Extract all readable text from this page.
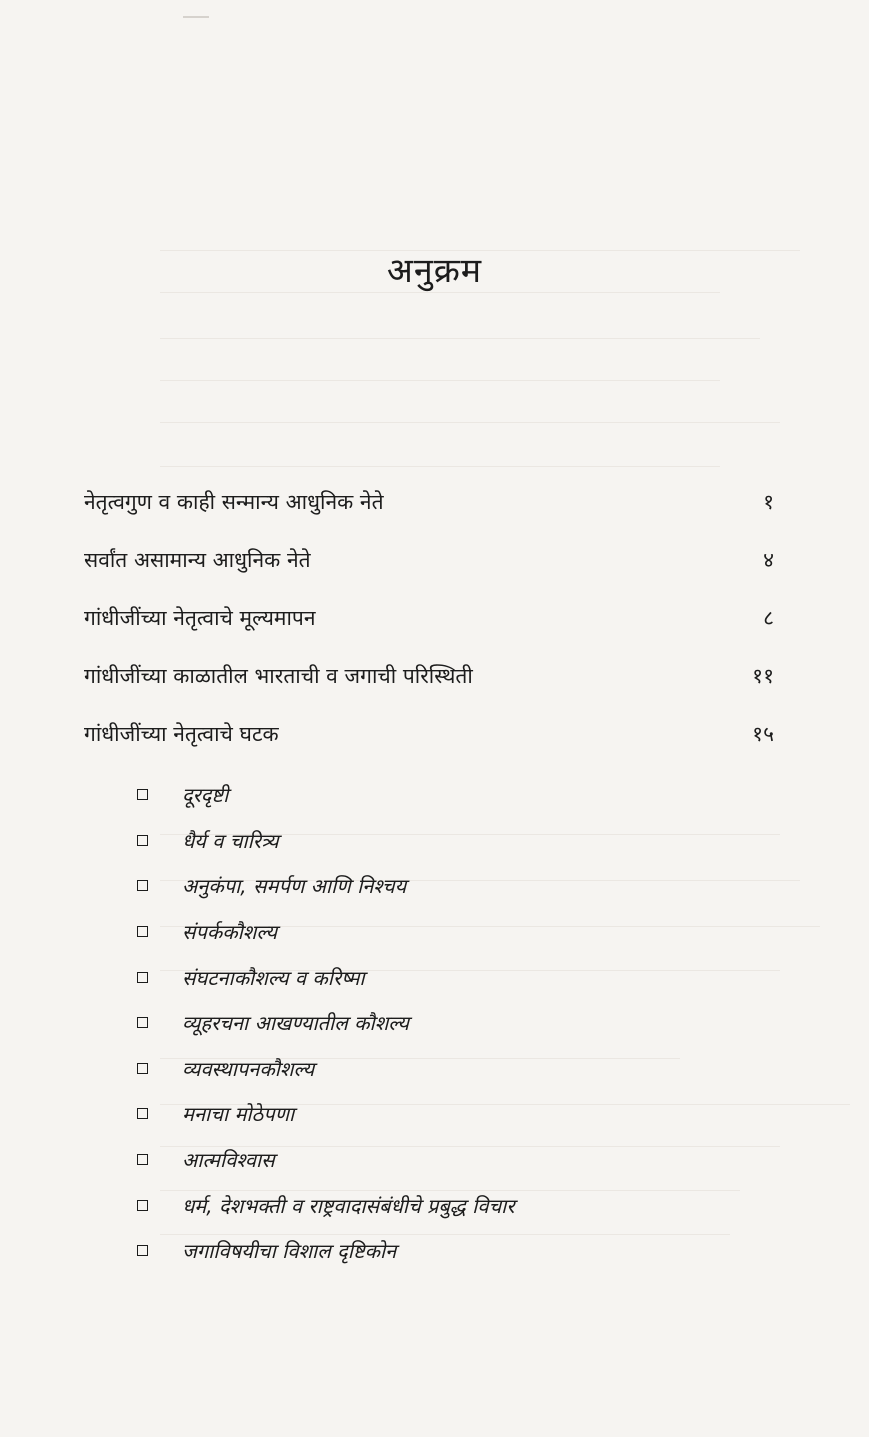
अनुक्रम
नेतृत्वगुण व काही सन्मान्य आधुनिक नेते	१
सर्वांत असामान्य आधुनिक नेते	४
गांधीजींच्या नेतृत्वाचे मूल्यमापन	८
गांधीजींच्या काळातील भारताची व जगाची परिस्थिती	११
गांधीजींच्या नेतृत्वाचे घटक	१५
दूरदृष्टी
धैर्य व चारित्र्य
अनुकंपा, समर्पण आणि निश्चय
संपर्ककौशल्य
संघटनाकौशल्य व करिष्मा
व्यूहरचना आखण्यातील कौशल्य
व्यवस्थापनकौशल्य
मनाचा मोठेपणा
आत्मविश्वास
धर्म, देशभक्ती व राष्ट्रवादासंबंधीचे प्रबुद्ध विचार
जगाविषयीचा विशाल दृष्टिकोन
